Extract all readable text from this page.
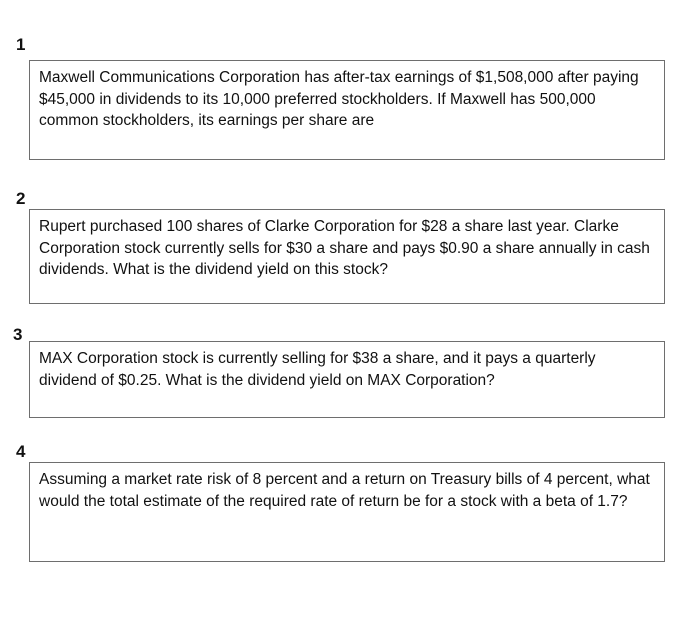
1
Maxwell Communications Corporation has after-tax earnings of $1,508,000 after paying $45,000 in dividends to its 10,000 preferred stockholders. If Maxwell has 500,000 common stockholders, its earnings per share are
2
Rupert purchased 100 shares of Clarke Corporation for $28 a share last year. Clarke Corporation stock currently sells for $30 a share and pays $0.90 a share annually in cash dividends. What is the dividend yield on this stock?
3
MAX Corporation stock is currently selling for $38 a share, and it pays a quarterly dividend of $0.25. What is the dividend yield on MAX Corporation?
4
Assuming a market rate risk of 8 percent and a return on Treasury bills of 4 percent, what would the total estimate of the required rate of return be for a stock with a beta of 1.7?
